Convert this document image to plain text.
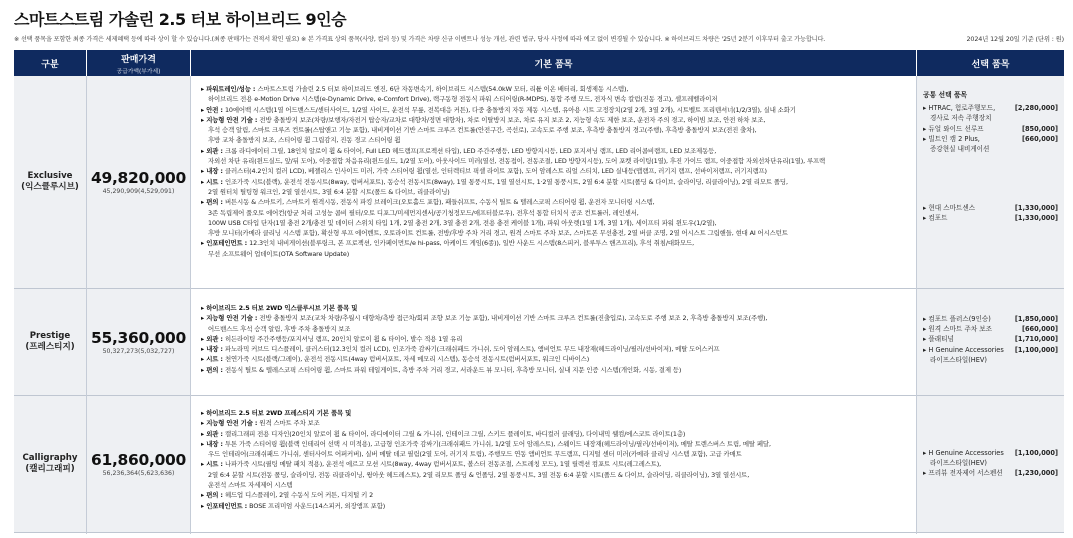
스마트스트림 가솔린 2.5 터보 하이브리드 9인승
※ 선택 품목을 포함한 최종 가격은 세제혜택 등에 따라 상이 할 수 있습니다.(최종 판매가는 견적서 확인 필요) ※ 본 가격표 상의 품목(사양, 컬러 등) 및 가격은 차량 신규 이벤트나 성능 개선, 관련 법규, 당사 사정에 따라 예고 없이 변경될 수 있습니다. ※ 하이브리드 차량은 '25년 2분기 이후부터 출고 가능합니다.	2024년 12월 20일 기준 (단위 : 원)
구분	판매가격
공급가액(부가세)
기본 품목	선택 품목
Exclusive
(익스클루시브) 49,820,000
45,290,909(4,529,091)

▸ 파워트레인/성능 : 스마트스트림 가솔린 2.5 터보 하이브리드 엔진, 6단 자동변속기, 하이브리드 시스템(54.0kW 모터, 리튬 이온 배터리, 회생제동 시스템),

하이브리드 전용 e-Motion Drive 시스템(e-Dynamic Drive, e-Comfort Drive), 랙구동형 전동식 파워 스티어링(R-MDPS), 통합 주행 모드, 전자식 변속 칼럼(진동 경고), 셀프레벨라이저

▸ 안전 : 10에어백 시스템(1열 어드밴스드/센터사이드, 1/2열 사이드, 운전석 무릎, 전복대응 커튼), 다중 충돌방지 자동 제동 시스템, 유아용 시트 고정장치(2열 2개, 3열 2개), 시트벨트 프리텐셔너(1/2/3열), 실내 소화기

▸ 지능형 안전 기술 : 전방 충돌방지 보조(차량/보행자/자전거 탑승자/교차로 대향차/정면 대향차), 차로 이탈방지 보조, 차로 유지 보조 2, 지능형 속도 제한 보조, 운전자 주의 경고, 하이빔 보조, 안전 하차 보조,

후석 승객 알림, 스마트 크루즈 컨트롤(스탑앤고 기능 포함), 내비게이션 기반 스마트 크루즈 컨트롤(안전구간, 곡선로), 고속도로 주행 보조, 후측방 충돌방지 경고(주행), 후측방 충돌방지 보조(전진 출차),

후방 교차 충돌방지 보조, 스티어링 휠 그립감지, 진동 경고 스티어링 휠

▸ 외관 : 크롬 라디에이터 그릴, 18인치 알로이 휠 & 타이어, Full LED 헤드램프(프로젝션 타입), LED 주간주행등, LED 방향지시등, LED 포지셔닝 램프, LED 리어콤비램프, LED 보조제동등,

자외선 차단 유리(윈드실드, 앞/뒤 도어), 이중접합 차음유리(윈드실드, 1/2열 도어), 아웃사이드 미러(열선, 전동접이, 전동조절, LED 방향지시등), 도어 포켓 라이팅(1열), 후진 가이드 램프, 이중접합 자외선차단유리(1열), 루프랙

▸ 내장 : 클러스터(4.2인치 컬러 LCD), 베젤리스 인사이드 미러, 가죽 스티어링 휠(열선, 인터렉티브 픽셀 라이트 포함), 도어 암레스트 리얼 스티치, LED 실내등(맵램프, 러기지 램프, 선바이저램프, 러기지램프)

▸ 시트 : 인조가죽 시트(블랙), 운전석 전동시트(8way, 럼버서포트), 동승석 전동시트(8way), 1열 통풍시트, 1열 열선시트, 1·2열 통풍시트, 2열 6:4 분할 시트(폴딩 & 다이브, 슬라이딩, 리클라이닝), 2열 리모트 폴딩,

2열 원터치 틸팅형 워크인, 2열 열선시트, 3열 6:4 분할 시트(폴드 & 다이브, 리클라이닝)

▸ 편의 : 버튼시동 & 스마트키, 스마트키 원격시동, 전동식 파킹 브레이크(오토홀드 포함), 패들쉬프트, 수동식 틸트 & 텔레스코픽 스티어링 휠, 운전자 모니터링 시스템,

3존 독립제어 풀오토 에어컨(항균 처리 고성능 콤비 필터/오토 디포그/미세먼지센서/공기청정모드/애프터블로우), 전후석 통합 터치식 공조 컨트롤러, 레인센서,

100W USB C타입 단자(1열 충전 2개/충전 및 데이터 스위치 타입 1개, 2열 충전 2개, 3열 충전 2개, 전용 충전 케이블 1개), 파워 아웃렛(1열 1개, 3열 1개), 세이프티 파워 윈도우(1/2열),

후방 모니터(카메라 클리닝 시스템 포함), 확산형 루프 에어벤트, 오토라이트 컨트롤, 전방/후방 주차 거리 경고, 원격 스마트 주차 보조, 스마트폰 무선충전, 2열 버클 조명, 2열 어시스트 그립핸들, 현대 AI 어시스턴트

▸ 인포테인먼트 : 12.3인치 내비게이션(블루링크, 폰 프로젝션, 인카페이먼트/e hi-pass, 아케이드 게임(6종)), 일반 사운드 시스템(8스피커, 블루투스 핸즈프리), 후석 취침/대화모드,

무선 소프트웨어 업데이트(OTA Software Update)

공통 선택 품목
▸ HTRAC, 험로주행모드,	[2,280,000]
경사로 저속 주행장치
▸ 듀얼 와이드 선루프	[850,000]
▸ 빌트인 캠 2 Plus,	[660,000]
증강현실 내비게이션
▸ 현대 스마트센스	[1,330,000]
▸ 컴포트	[1,330,000]
Prestige
(프레스티지) 55,360,000
50,327,273(5,032,727)

▸ 하이브리드 2.5 터보 2WD 익스클루시브 기본 품목 및

▸ 지능형 안전 기술 : 전방 충돌방지 보조(교차 차량/추월시 대향차/측방 접근차/회피 조향 보조 기능 포함), 내비게이션 기반 스마트 크루즈 컨트롤(진출입로), 고속도로 주행 보조 2, 후측방 충돌방지 보조(주행),

어드밴스드 후석 승객 알림, 후방 주차 충돌방지 보조

▸ 외관 : 히든라이팅 주간주행등/포지셔닝 램프, 20인치 알로이 휠 & 타이어, 발수 적용 1열 유리

▸ 내장 : 파노라믹 커브드 디스플레이, 클러스터(12.3인치 컬러 LCD), 인조가죽 감싸기(크래쉬패드 가니쉬, 도어 암레스트), 앰비언트 무드 내장재(헤드라이닝/필러/선바이저), 메탈 도어스커프

▸ 시트 : 천연가죽 시트(블랙/그레이), 운전석 전동시트(4way 럼버서포트, 자세 메모리 시스템), 동승석 전동시트(럼버서포트, 워크인 디바이스)

▸ 편의 : 전동식 틸트 & 텔레스코픽 스티어링 휠, 스마트 파워 테일게이트, 측방 주차 거리 경고, 서라운드 뷰 모니터, 후측방 모니터, 실내 지문 인증 시스템(개인화, 시동, 결제 등)

▸ 컴포트 플러스(9인승)	[1,850,000]
▸ 원격 스마트 주차 보조	[660,000]
▸ 플래티넘	[1,710,000]
▸ H Genuine Accessories	[1,100,000]
라이프스타일(HEV)
Calligraphy
(캘리그래피) 61,860,000
56,236,364(5,623,636)

▸ 하이브리드 2.5 터보 2WD 프레스티지 기본 품목 및

▸ 지능형 안전 기술 : 원격 스마트 주차 보조

▸ 외관 : 캘리그래피 전용 디자인(20인치 알로이 휠 & 타이어, 라디에이터 그릴 & 가니쉬, 인테이크 그릴, 스키드 플레이트, 바디컬러 클래딩), 다이내믹 웰컴/에스코트 라이트(1층)

▸ 내장 : 투톤 가죽 스티어링 휠(블랙 인테리어 선택 시 미적용), 고급형 인조가죽 감싸기(크래쉬패드 가니쉬, 1/2열 도어 암레스트), 스웨이드 내장재(헤드라이닝/필러/선바이저), 메탈 트렌스버스 트림, 메탈 페달,

우드 인테리어(크래쉬패드 가니쉬, 센터사이트 어퍼커버), 실버 메탈 데코 필림(2열 도어, 러기지 트림), 주행모드 연동 앰비언트 무드램프, 디지털 센터 미러(카메라 클리닝 시스템 포함), 고급 카매트

▸ 시트 : 나파가죽 시트(퀼팅 메탈 패치 적용), 운전석 에르고 모션 시트(8way, 4way 럼버서포트, 볼스터 전동조절, 스트레칭 모드), 1열 릴렉션 컴포트 시트(레그레스트),

2열 6:4 분할 시트(전동 폴딩, 슬라이딩, 전동 리클라이닝, 윙아웃 헤드레스트), 2열 리모트 폴딩 & 언폴딩, 2열 통풍시트, 3열 전동 6:4 분할 시트(폴드 & 다이브, 슬라이딩, 리클라이닝), 3열 열선시트,

운전석 스마트 자세제어 시스템

▸ 편의 : 헤드업 디스플레이, 2열 수동식 도어 커튼, 디지털 키 2

▸ 인포테인먼트 : BOSE 프리미엄 사운드(14스피커, 외장앰프 포함)

▸ H Genuine Accessories	[1,100,000]
라이프스타일(HEV)
▸ 프리뷰 전자제어 서스펜션	[1,230,000]
